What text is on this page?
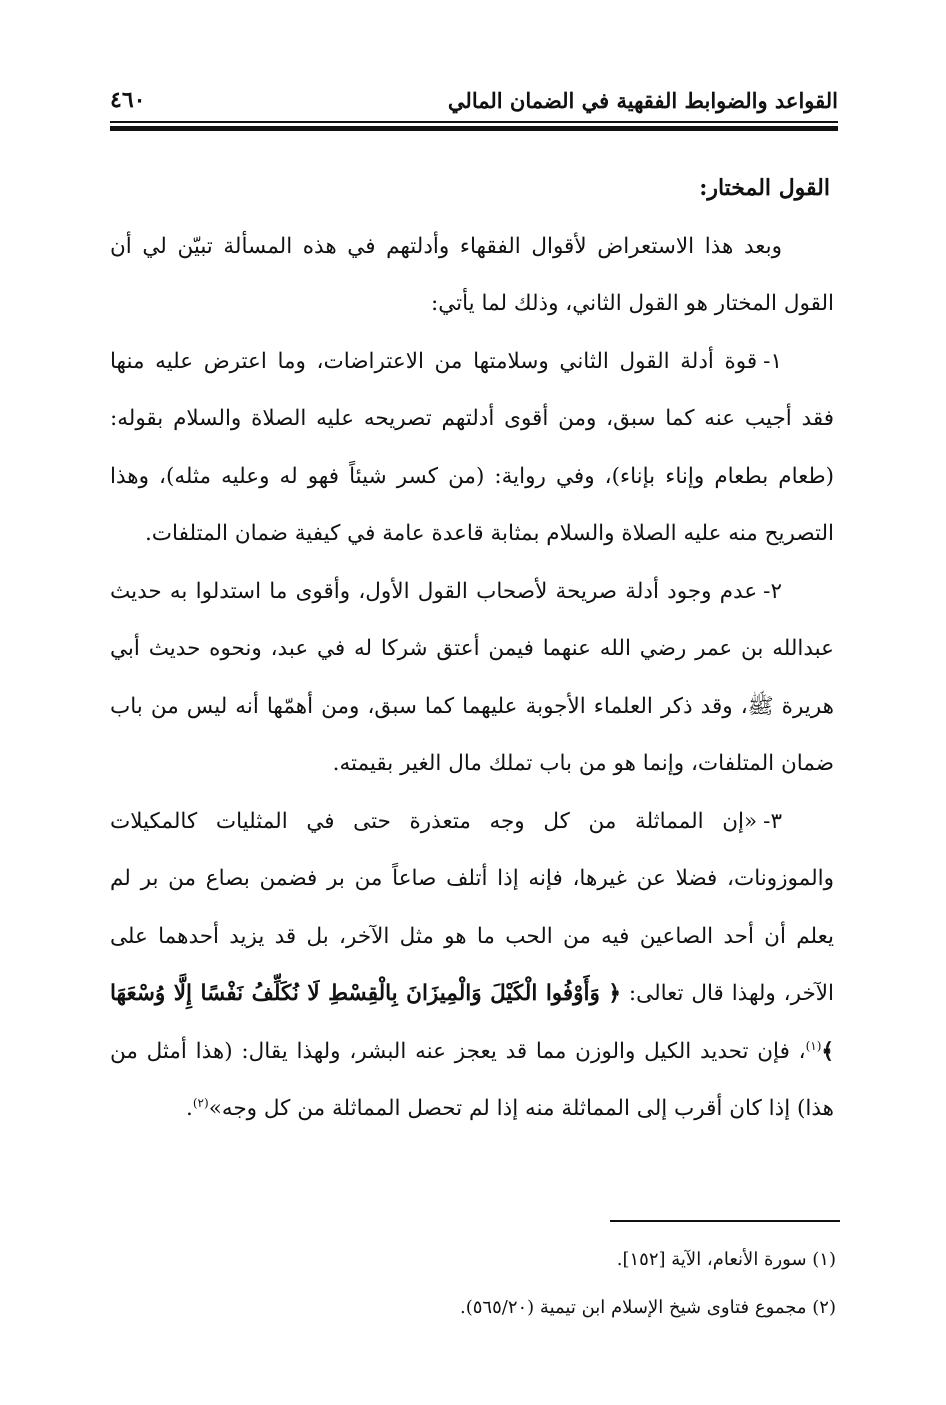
القواعد والضوابط الفقهية في الضمان المالي
٤٦٠

القول المختار:

وبعد هذا الاستعراض لأقوال الفقهاء وأدلتهم في هذه المسألة تبيّن لي أن القول المختار هو القول الثاني، وذلك لما يأتي:

١-قوة أدلة القول الثاني وسلامتها من الاعتراضات، وما اعترض عليه منها فقد أجيب عنه كما سبق، ومن أقوى أدلتهم تصريحه عليه الصلاة والسلام بقوله: (طعام بطعام وإناء بإناء)، وفي رواية: (من كسر شيئاً فهو له وعليه مثله)، وهذا التصريح منه عليه الصلاة والسلام بمثابة قاعدة عامة في كيفية ضمان المتلفات.

٢-عدم وجود أدلة صريحة لأصحاب القول الأول، وأقوى ما استدلوا به حديث عبدالله بن عمر رضي الله عنهما فيمن أعتق شركا له في عبد، ونحوه حديث أبي هريرة ﷺ، وقد ذكر العلماء الأجوبة عليهما كما سبق، ومن أهمّها أنه ليس من باب ضمان المتلفات، وإنما هو من باب تملك مال الغير بقيمته.

٣-«إن المماثلة من كل وجه متعذرة حتى في المثليات كالمكيلات والموزونات، فضلا عن غيرها، فإنه إذا أتلف صاعاً من بر فضمن بصاع من بر لم يعلم أن أحد الصاعين فيه من الحب ما هو مثل الآخر، بل قد يزيد أحدهما على الآخر، ولهذا قال تعالى: ﴿ وَأَوْفُوا الْكَيْلَ وَالْمِيزَانَ بِالْقِسْطِ لَا نُكَلِّفُ نَفْسًا إِلَّا وُسْعَهَا ﴾$^{(١)}$، فإن تحديد الكيل والوزن مما قد يعجز عنه البشر، ولهذا يقال: (هذا أمثل من هذا) إذا كان أقرب إلى المماثلة منه إذا لم تحصل المماثلة من كل وجه»$^{(٢)}$.

(١) سورة الأنعام، الآية [١٥٢].

(٢) مجموع فتاوى شيخ الإسلام ابن تيمية (٥٦٥/٢٠).
